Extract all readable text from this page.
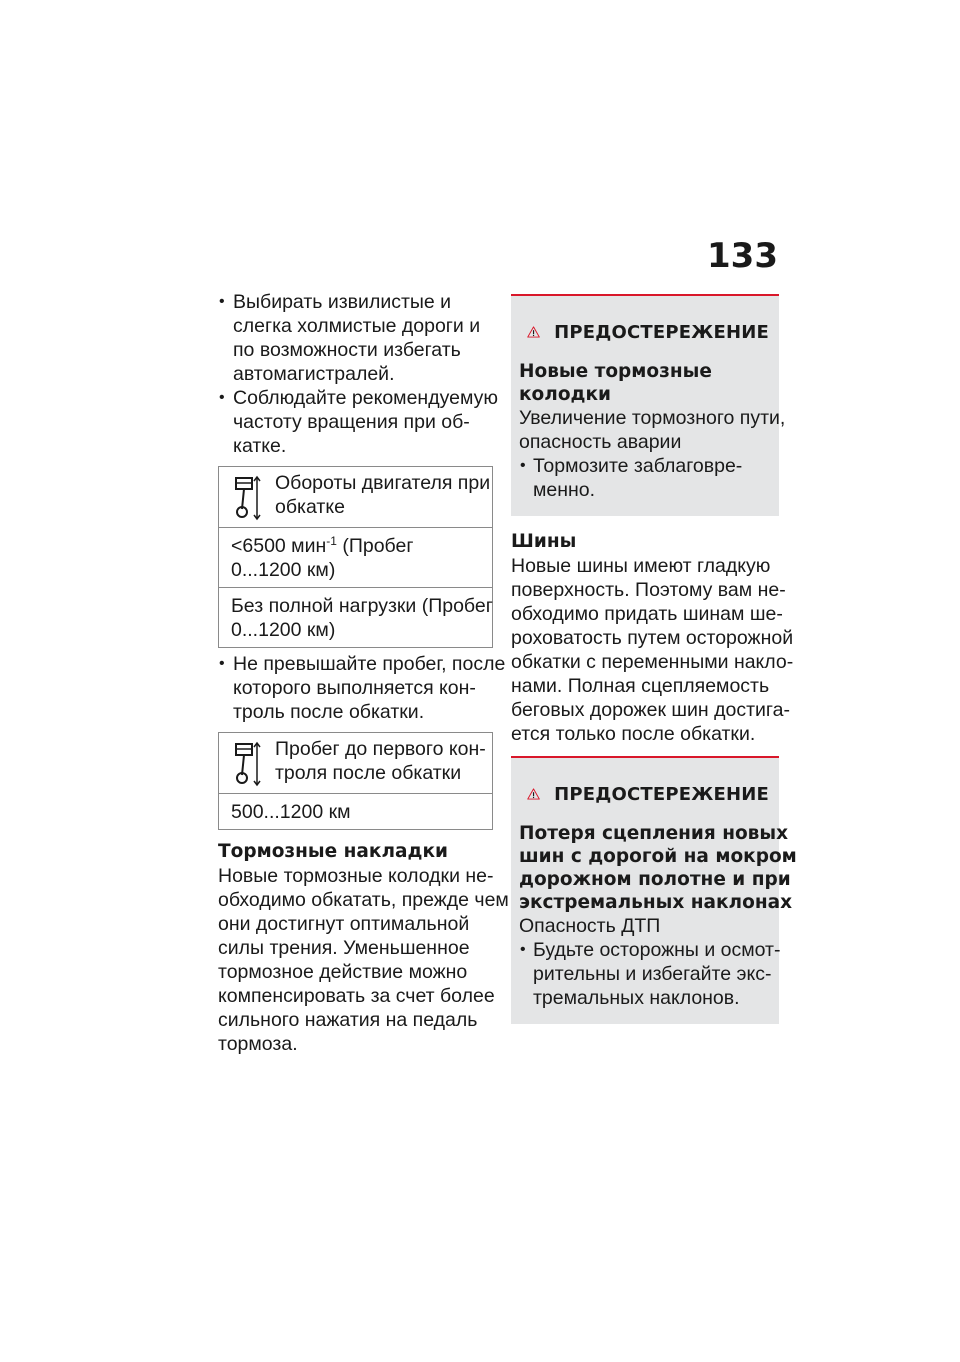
133
• Выбирать извилистые и
слегка холмистые дороги и
по возможности избегать
автомагистралей.
• Соблюдайте рекомендуемую
частоту вращения при об-
катке.
Обороты двигателя при
обкатке
<6500 мин$^{-1}$ (Пробег
0...1200 км)
Без полной нагрузки (Пробег
0...1200 км)
• Не превышайте пробег, после
которого выполняется кон-
троль после обкатки.
Пробег до первого кон-
троля после обкатки
500...1200 км
Тормозные накладки
Новые тормозные колодки не-
обходимо обкатать, прежде чем
они достигнут оптимальной
силы трения. Уменьшенное
тормозное действие можно
компенсировать за счет более
сильного нажатия на педаль
тормоза.
ПРЕДОСТЕРЕЖЕНИЕ
Новые тормозные
колодки
Увеличение тормозного пути,
опасность аварии
• Тормозите заблаговре-
менно.
Шины
Новые шины имеют гладкую
поверхность. Поэтому вам не-
обходимо придать шинам ше-
роховатость путем осторожной
обкатки с переменными накло-
нами. Полная сцепляемость
беговых дорожек шин достига-
ется только после обкатки.
ПРЕДОСТЕРЕЖЕНИЕ
Потеря сцепления новых
шин с дорогой на мокром
дорожном полотне и при
экстремальных наклонах
Опасность ДТП
• Будьте осторожны и осмот-
рительны и избегайте экс-
тремальных наклонов.
